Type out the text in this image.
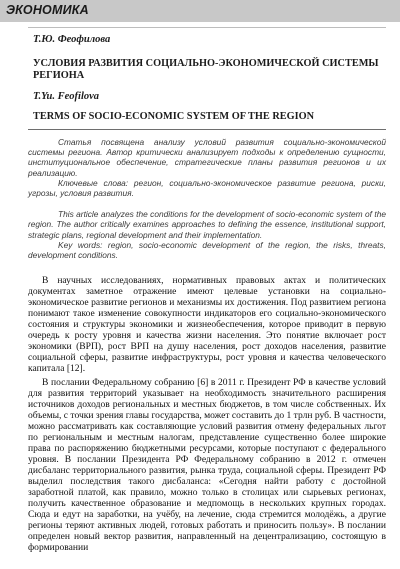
ЭКОНОМИКА
Т.Ю. Феофилова
УСЛОВИЯ РАЗВИТИЯ СОЦИАЛЬНО-ЭКОНОМИЧЕСКОЙ СИСТЕМЫ РЕГИОНА
T.Yu. Feofilova
TERMS OF SOCIO-ECONOMIC SYSTEM OF THE REGION

Статья посвящена анализу условий развития социально-экономической системы региона. Автор критически анализирует подходы к определению сущности, институциональное обеспечение, стратегические планы развития регионов и их реализацию.

Ключевые слова: регион, социально-экономическое развитие региона, риски, угрозы, условия развития.

This article analyzes the conditions for the development of socio-economic system of the region. The author critically examines approaches to defining the essence, institutional support, strategic plans, regional development and their implementation.

Key words: region, socio-economic development of the region, the risks, threats, development conditions.

В научных исследованиях, нормативных правовых актах и политических документах заметное отражение имеют целевые установки на социально-экономическое развитие регионов и механизмы их достижения. Под развитием региона понимают такое изменение совокупности индикаторов его социально-экономического состояния и структуры экономики и жизнеобеспечения, которое приводит в первую очередь к росту уровня и качества жизни населения. Это понятие включает рост экономики (ВРП), рост ВРП на душу населения, рост доходов населения, развитие социальной сферы, развитие инфраструктуры, рост уровня и качества человеческого капитала [12].

В послании Федеральному собранию [6] в 2011 г. Президент РФ в качестве условий для развития территорий указывает на необходимость значительного расширения источников доходов региональных и местных бюджетов, в том числе собственных. Их объемы, с точки зрения главы государства, может составить до 1 трлн руб. В частности, можно рассматривать как составляющие условий развития отмену федеральных льгот по региональным и местным налогам, представление существенно более широкие права по распоряжению бюджетными ресурсами, которые поступают с федерального уровня. В послании Президента РФ Федеральному собранию в 2012 г. отмечен дисбаланс территориального развития, рынка труда, социальной сферы. Президент РФ выделил последствия такого дисбаланса: «Сегодня найти работу с достойной заработной платой, как правило, можно только в столицах или сырьевых регионах, получить качественное образование и медпомощь в нескольких крупных городах. Сюда и едут на заработки, на учёбу, на лечение, сюда стремится молодёжь, а другие регионы теряют активных людей, готовых работать и приносить пользу». В послании определен новый вектор развития, направленный на децентрализацию, состоящую в формировании
